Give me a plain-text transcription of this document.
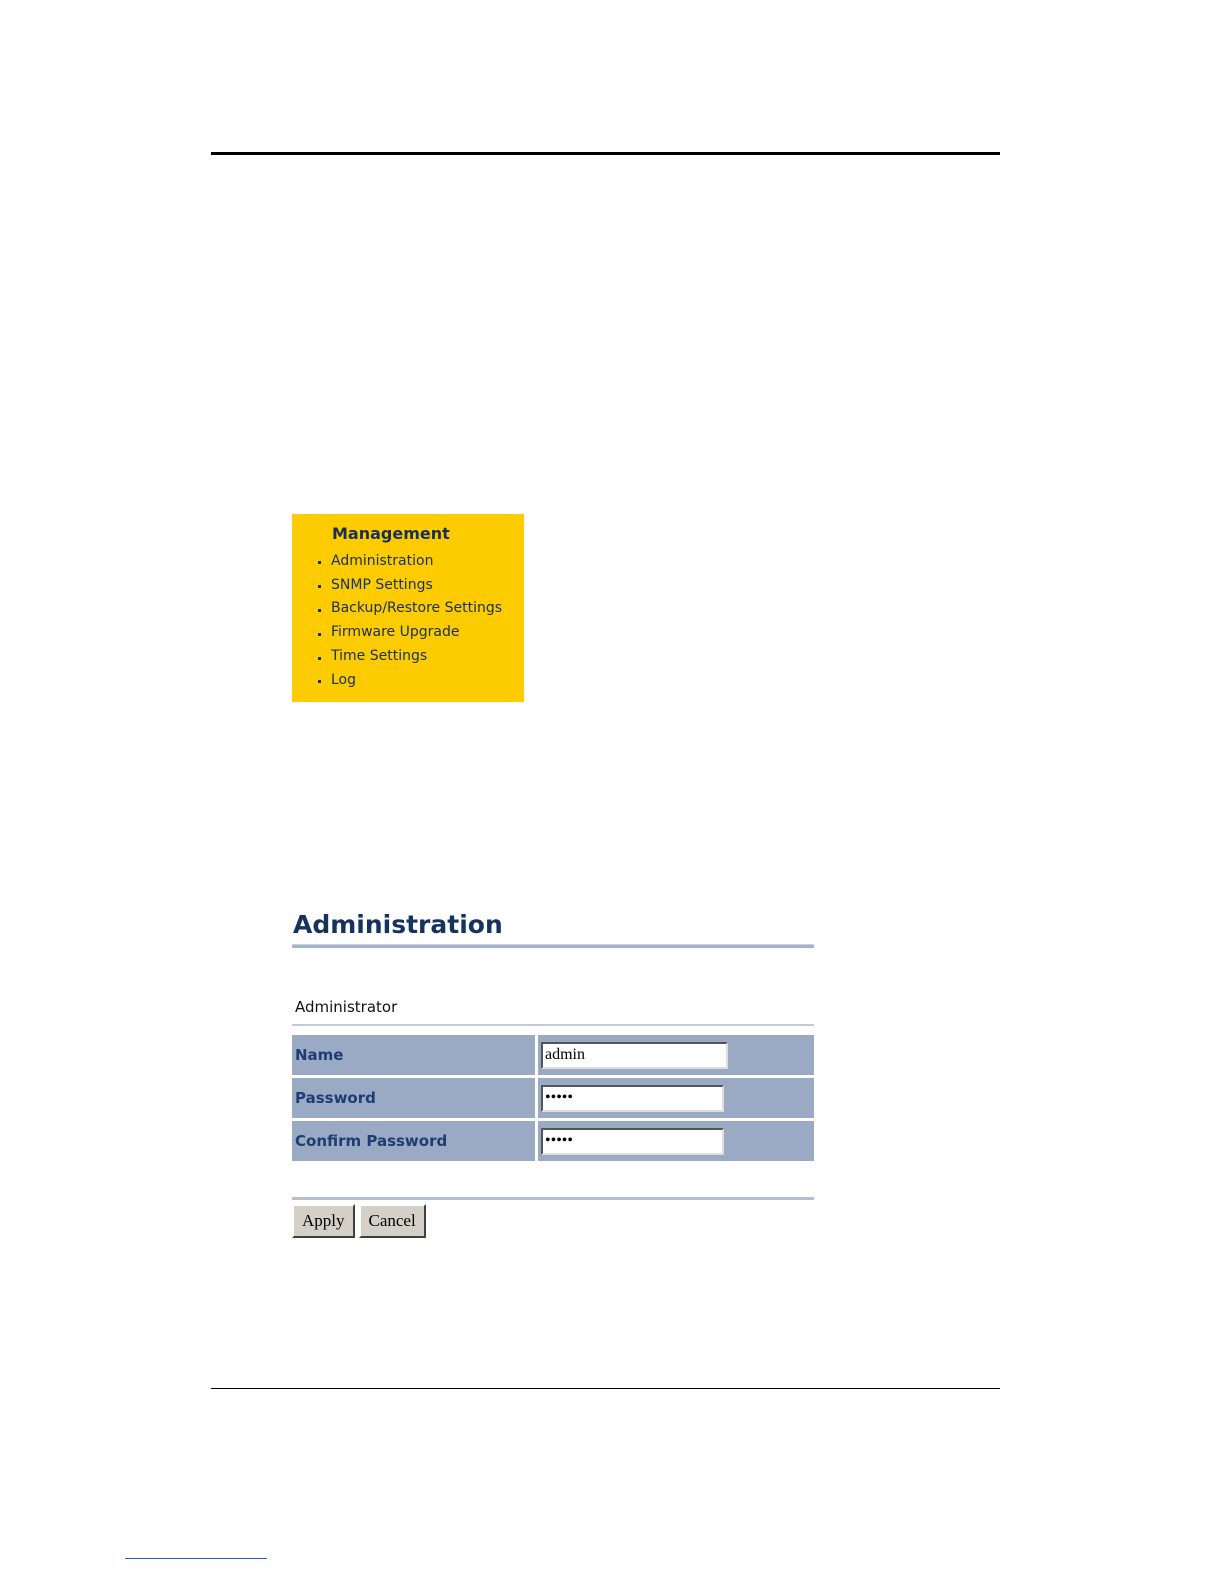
Management
Administration
SNMP Settings
Backup/Restore Settings
Firmware Upgrade
Time Settings
Log
Administration
Administrator
Name	admin
Password	•••••
Confirm Password	•••••
Apply	Cancel
